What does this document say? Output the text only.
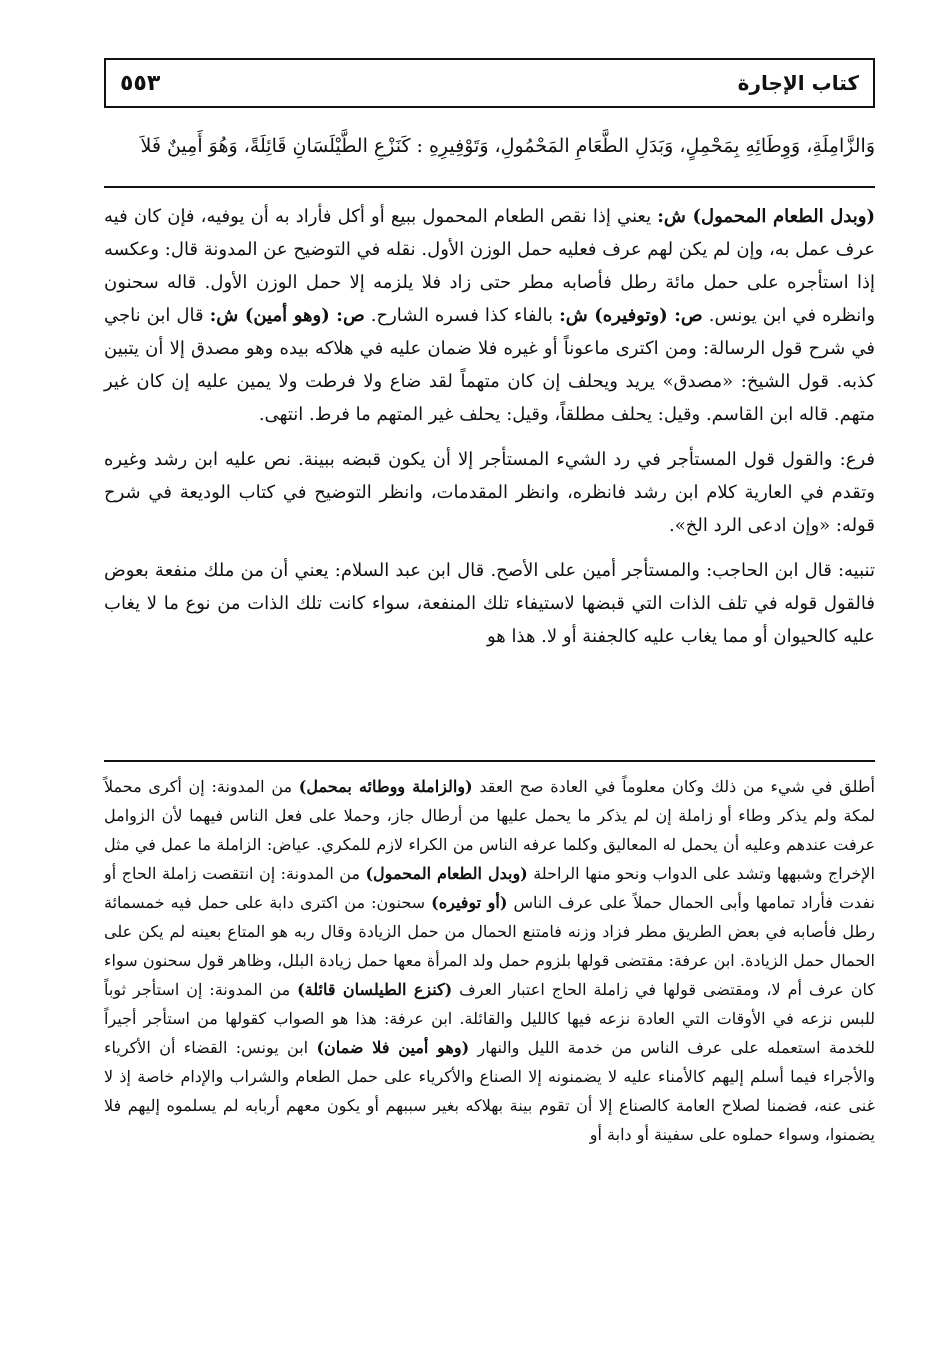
٥٥٣	كتاب الإجارة
وَالزَّامِلَةِ، وَوِطَائِهِ بِمَحْمِلٍ، وَبَدَلِ الطَّعَامِ المَحْمُولِ، وَتَوْفِيرِهِ : كَنَزْعِ الطَّيْلَسَانِ قَائِلَةً، وَهُوَ أَمِينٌ فَلاَ

(وبدل الطعام المحمول) ش: يعني إذا نقص الطعام المحمول ببيع أو أكل فأراد به أن يوفيه، فإن كان فيه عرف عمل به، وإن لم يكن لهم عرف فعليه حمل الوزن الأول. نقله في التوضيح عن المدونة قال: وعكسه إذا استأجره على حمل مائة رطل فأصابه مطر حتى زاد فلا يلزمه إلا حمل الوزن الأول. قاله سحنون وانظره في ابن يونس. ص: (وتوفيره) ش: بالفاء كذا فسره الشارح. ص: (وهو أمين) ش: قال ابن ناجي في شرح قول الرسالة: ومن اكترى ماعوناً أو غيره فلا ضمان عليه في هلاكه بيده وهو مصدق إلا أن يتبين كذبه. قول الشيخ: «مصدق» يريد ويحلف إن كان متهماً لقد ضاع ولا فرطت ولا يمين عليه إن كان غير متهم. قاله ابن القاسم. وقيل: يحلف مطلقاً، وقيل: يحلف غير المتهم ما فرط. انتهى.

فرع: والقول قول المستأجر في رد الشيء المستأجر إلا أن يكون قبضه ببينة. نص عليه ابن رشد وغيره وتقدم في العارية كلام ابن رشد فانظره، وانظر المقدمات، وانظر التوضيح في كتاب الوديعة في شرح قوله: «وإن ادعى الرد الخ».

تنبيه: قال ابن الحاجب: والمستأجر أمين على الأصح. قال ابن عبد السلام: يعني أن من ملك منفعة بعوض فالقول قوله في تلف الذات التي قبضها لاستيفاء تلك المنفعة، سواء كانت تلك الذات من نوع ما لا يغاب عليه كالحيوان أو مما يغاب عليه كالجفنة أو لا. هذا هو

أطلق في شيء من ذلك وكان معلوماً في العادة صح العقد (والزاملة ووطائه بمحمل) من المدونة: إن أكرى محملاً لمكة ولم يذكر وطاء أو زاملة إن لم يذكر ما يحمل عليها من أرطال جاز، وحملا على فعل الناس فيهما لأن الزوامل عرفت عندهم وعليه أن يحمل له المعاليق وكلما عرفه الناس من الكراء لازم للمكري. عياض: الزاملة ما عمل في مثل الإخراج وشبهها وتشد على الدواب ونحو منها الراحلة (وبدل الطعام المحمول) من المدونة: إن انتقصت زاملة الحاج أو نفدت فأراد تمامها وأبى الحمال حملاً على عرف الناس (أو توفيره) سحنون: من اكترى دابة على حمل فيه خمسمائة رطل فأصابه في بعض الطريق مطر فزاد وزنه فامتنع الحمال من حمل الزيادة وقال ربه هو المتاع بعينه لم يكن على الحمال حمل الزيادة. ابن عرفة: مقتضى قولها بلزوم حمل ولد المرأة معها حمل زيادة البلل، وظاهر قول سحنون سواء كان عرف أم لا، ومقتضى قولها في زاملة الحاج اعتبار العرف (كنزع الطيلسان قائلة) من المدونة: إن استأجر ثوباً للبس نزعه في الأوقات التي العادة نزعه فيها كالليل والقائلة. ابن عرفة: هذا هو الصواب كقولها من استأجر أجيراً للخدمة استعمله على عرف الناس من خدمة الليل والنهار (وهو أمين فلا ضمان) ابن يونس: القضاء أن الأكرياء والأجراء فيما أسلم إليهم كالأمناء عليه لا يضمنونه إلا الصناع والأكرياء على حمل الطعام والشراب والإدام خاصة إذ لا غنى عنه، فضمنا لصلاح العامة كالصناع إلا أن تقوم بينة بهلاكه بغير سببهم أو يكون معهم أربابه لم يسلموه إليهم فلا يضمنوا، وسواء حملوه على سفينة أو دابة أو
